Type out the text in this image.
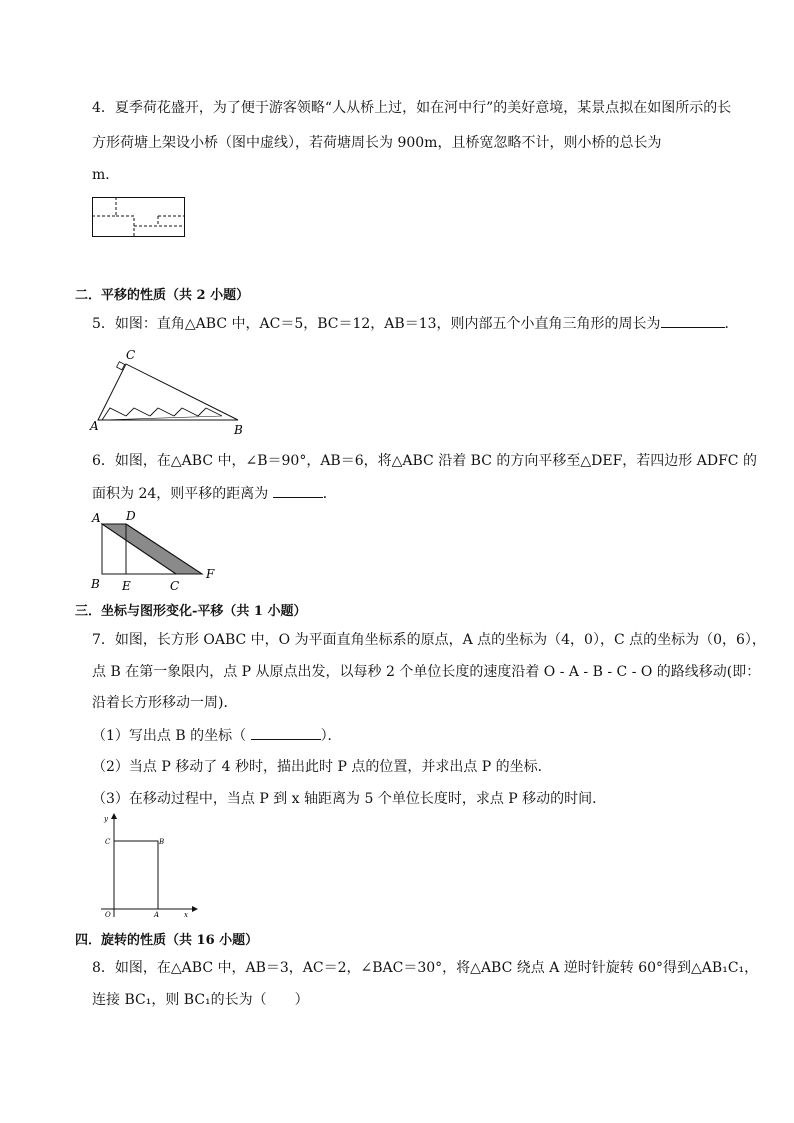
4．夏季荷花盛开，为了便于游客领略“人从桥上过，如在河中行”的美好意境，某景点拟在如图所示的长
方形荷塘上架设小桥（图中虚线），若荷塘周长为 900m，且桥宽忽略不计，则小桥的总长为
m．
二．平移的性质（共 2 小题）
5．如图：直角△ABC 中，AC＝5，BC＝12，AB＝13，则内部五个小直角三角形的周长为	．
A
C
B
6．如图，在△ABC 中，∠B＝90°，AB＝6，将△ABC 沿着 BC 的方向平移至△DEF，若四边形 ADFC 的
面积为 24，则平移的距离为	．
A D
B E	C
F
三．坐标与图形变化-平移（共 1 小题）
7．如图，长方形 OABC 中，O 为平面直角坐标系的原点，A 点的坐标为（4，0），C 点的坐标为（0，6），
点 B 在第一象限内，点 P 从原点出发，以每秒 2 个单位长度的速度沿着 O - A - B - C - O 的路线移动(即：
沿着长方形移动一周)．
（1）写出点 B 的坐标（	）．
（2）当点 P 移动了 4 秒时，描出此时 P 点的位置，并求出点 P 的坐标．
（3）在移动过程中，当点 P 到 x 轴距离为 5 个单位长度时，求点 P 移动的时间．
y
x
C	B
O	A
四．旋转的性质（共 16 小题）
8．如图，在△ABC 中，AB＝3，AC＝2，∠BAC＝30°，将△ABC 绕点 A 逆时针旋转 60°得到△AB₁C₁，
连接 BC₁，则 BC₁的长为（　　）
